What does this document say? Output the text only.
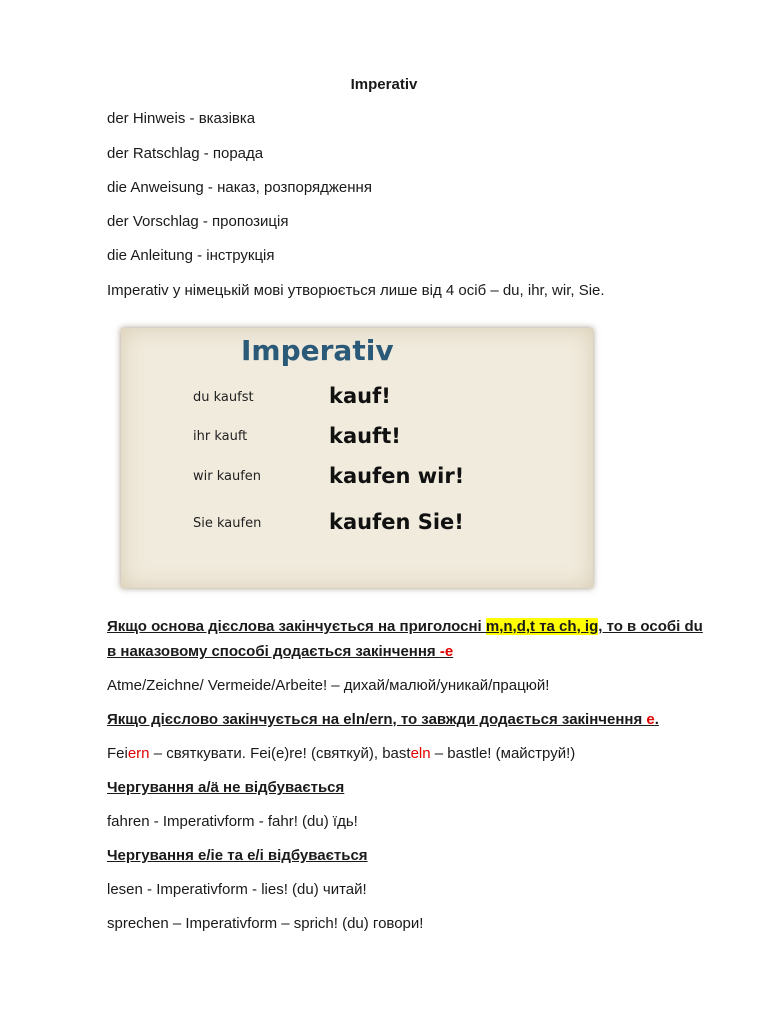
Imperativ
der Hinweis - вказівка
der Ratschlag - порада
die Anweisung - наказ, розпорядження
der Vorschlag - пропозиція
die Anleitung - інструкція
Imperativ у німецькій мові утворюється лише від 4 осіб – du, ihr, wir, Sie.
Imperativ
du kaufst	kauf!
ihr kauft	kauft!
wir kaufen	kaufen wir!
Sie kaufen	kaufen Sie!
Якщо основа дієслова закінчується на приголосні m,n,d,t та ch, ig, то в особі du
в наказовому способі додається закінчення -e
Atme/Zeichne/ Vermeide/Arbeite! – дихай/малюй/уникай/працюй!
Якщо дієслово закінчується на eln/ern, то завжди додається закінчення e.
Feiern – святкувати. Fei(e)re! (святкуй), basteln – bastle! (майструй!)
Чергування a/ä не відбувається
fahren - Imperativform - fahr! (du) їдь!
Чергування e/ie та e/i відбувається
lesen - Imperativform - lies! (du) читай!
sprechen – Imperativform – sprich! (du) говори!
